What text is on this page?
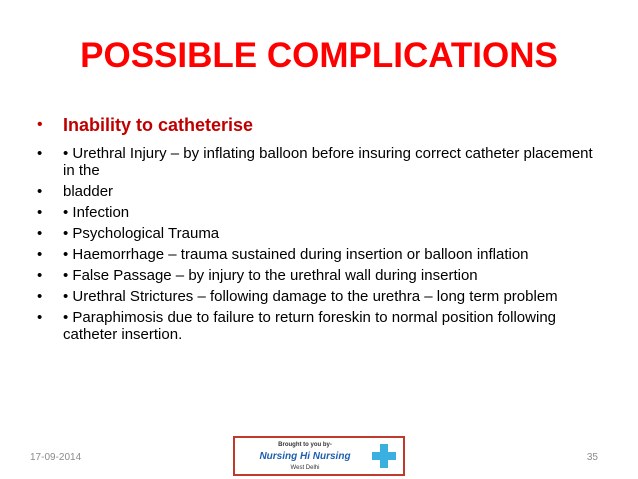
POSSIBLE COMPLICATIONS
•	Inability to catheterise
•	• Urethral Injury – by inflating balloon before insuring correct catheter placement in the
•	bladder
•	• Infection
•	• Psychological Trauma
•	• Haemorrhage – trauma sustained during insertion or balloon inflation
•	• False Passage – by injury to the urethral wall during insertion
•	• Urethral Strictures – following damage to the urethra – long term problem
•	• Paraphimosis due to failure to return foreskin to normal position following catheter insertion.
17-09-2014
Brought to you by-
Nursing Hi Nursing
West Delhi
35
